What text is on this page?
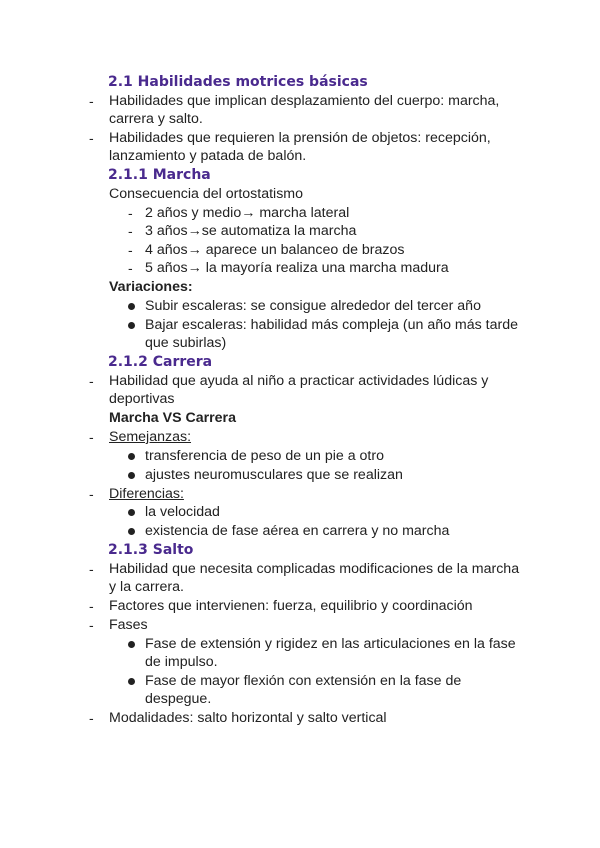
2.1 Habilidades motrices básicas
- Habilidades que implican desplazamiento del cuerpo: marcha,
carrera y salto.
- Habilidades que requieren la prensión de objetos: recepción,
lanzamiento y patada de balón.
2.1.1 Marcha
Consecuencia del ortostatismo
- 2 años y medio→ marcha lateral
- 3 años→se automatiza la marcha
- 4 años→ aparece un balanceo de brazos
- 5 años→ la mayoría realiza una marcha madura
Variaciones:
Subir escaleras: se consigue alrededor del tercer año
Bajar escaleras: habilidad más compleja (un año más tarde
que subirlas)
2.1.2 Carrera
- Habilidad que ayuda al niño a practicar actividades lúdicas y
deportivas
Marcha VS Carrera
- Semejanzas:
transferencia de peso de un pie a otro
ajustes neuromusculares que se realizan
- Diferencias:
la velocidad
existencia de fase aérea en carrera y no marcha
2.1.3 Salto
- Habilidad que necesita complicadas modificaciones de la marcha
y la carrera.
- Factores que intervienen: fuerza, equilibrio y coordinación
- Fases
Fase de extensión y rigidez en las articulaciones en la fase
de impulso.
Fase de mayor flexión con extensión en la fase de
despegue.
- Modalidades: salto horizontal y salto vertical
